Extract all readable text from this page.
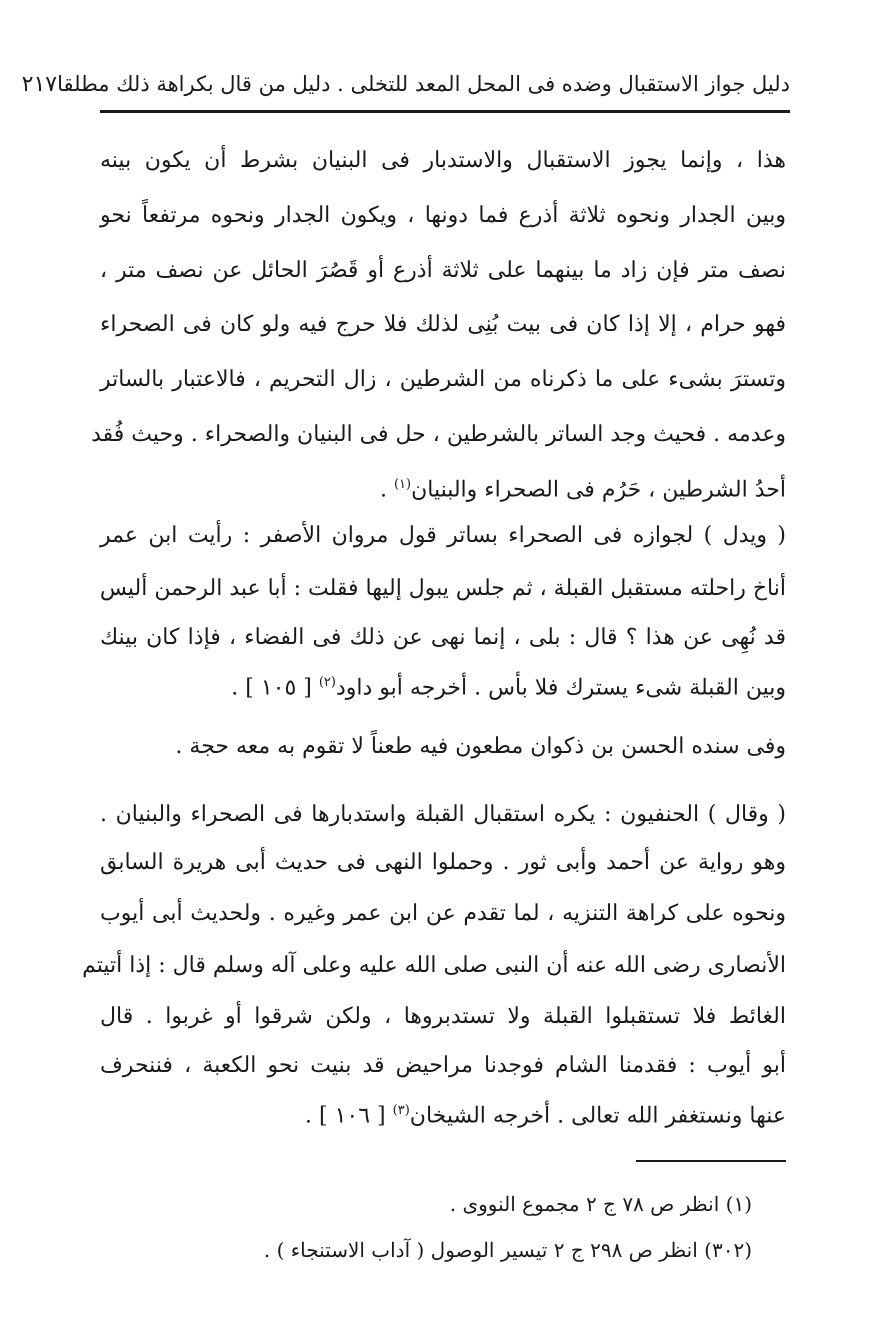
دليل جواز الاستقبال وضده فى المحل المعد للتخلى . دليل من قال بكراهة ذلك مطلقا
٢١٧
هذا ، وإنما يجوز الاستقبال والاستدبار فى البنيان بشرط أن يكون بينه
وبين الجدار ونحوه ثلاثة أذرع فما دونها ، ويكون الجدار ونحوه مرتفعاً نحو
نصف متر فإن زاد ما بينهما على ثلاثة أذرع أو قَصُرَ الحائل عن نصف متر ،
فهو حرام ، إلا إذا كان فى بيت بُنِى لذلك فلا حرج فيه ولو كان فى الصحراء
وتسترَ بشىء على ما ذكرناه من الشرطين ، زال التحريم ، فالاعتبار بالساتر
وعدمه . فحيث وجد الساتر بالشرطين ، حل فى البنيان والصحراء . وحيث فُقد
أحدُ الشرطين ، حَرُم فى الصحراء والبنيان$^{(١)}$ .
( ويدل ) لجوازه فى الصحراء بساتر قول مروان الأصفر : رأيت ابن عمر
أناخ راحلته مستقبل القبلة ، ثم جلس يبول إليها فقلت : أبا عبد الرحمن أليس
قد نُهِى عن هذا ؟ قال : بلى ، إنما نهى عن ذلك فى الفضاء ، فإذا كان بينك
وبين القبلة شىء يسترك فلا بأس . أخرجه أبو داود$^{(٢)}$ [ ١٠٥ ] .
وفى سنده الحسن بن ذكوان مطعون فيه طعناً لا تقوم به معه حجة .
( وقال ) الحنفيون : يكره استقبال القبلة واستدبارها فى الصحراء والبنيان .
وهو رواية عن أحمد وأبى ثور . وحملوا النهى فى حديث أبى هريرة السابق
ونحوه على كراهة التنزيه ، لما تقدم عن ابن عمر وغيره . ولحديث أبى أيوب
الأنصارى رضى الله عنه أن النبى صلى الله عليه وعلى آله وسلم قال : إذا أتيتم
الغائط فلا تستقبلوا القبلة ولا تستدبروها ، ولكن شرقوا أو غربوا . قال
أبو أيوب : فقدمنا الشام فوجدنا مراحيض قد بنيت نحو الكعبة ، فننحرف
عنها ونستغفر الله تعالى . أخرجه الشيخان$^{(٣)}$ [ ١٠٦ ] .
(١) انظر ص ٧٨ ج ٢ مجموع النووى .
(٣٠٢) انظر ص ٢٩٨ ج ٢ تيسير الوصول ( آداب الاستنجاء ) .
